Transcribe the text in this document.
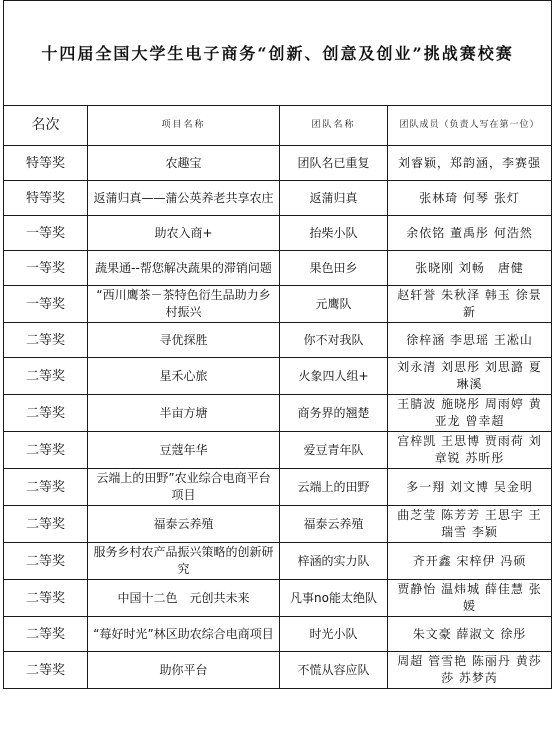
十四届全国大学生电子商务“创新、创意及创业”挑战赛校赛			

名次	项目名称	团队名称	团队成员（负责人写在第一位）
特等奖	农趣宝	团队名已重复	刘睿颖，郑韵涵，李赛强
特等奖	返蒲归真——蒲公英养老共享农庄	返蒲归真	张林琦 何琴 张灯
一等奖	助农入商+	抬柴小队	余依铭 董禹彤 何浩然
一等奖	蔬果通--帮您解决蔬果的滞销问题	果色田乡	张晓刚 刘畅　唐健
一等奖	“西川鹰茶－茶特色衍生品助力乡村振兴	元鹰队	赵轩誉 朱秋泽 韩玉 徐景新
二等奖	寻优探胜	你不对我队	徐梓涵 李思瑶 王凇山
二等奖	星禾心旅	火象四人组+	刘永清 刘思彤 刘思潞 夏琳溪
二等奖	半亩方塘	商务界的翘楚	王腈波 施晓彤 周雨婷 黄亚龙 曾幸超
二等奖	豆蔻年华	爱豆青年队	宫梓凯 王思博 贾雨荷 刘章锐 苏昕彤
二等奖	云端上的田野”农业综合电商平台项目	云端上的田野	多一翔 刘文博 吴金明
二等奖	福泰云养殖	福泰云养殖	曲芝莹 陈芳芳 王思宇 王瑞雪 李颖
二等奖	服务乡村农产品振兴策略的创新研究	梓涵的实力队	齐开鑫 宋梓伊 冯硕
二等奖	中国十二色　元创共未来	凡事no能太绝队	贾静怡 温炜城 薛佳慧 张媛
二等奖	“莓好时光”林区助农综合电商项目	时光小队	朱文豪 薛淑文 徐彤
二等奖	助你平台	不慌从容应队	周超 管雪艳 陈丽丹 黄莎莎 苏梦芮
